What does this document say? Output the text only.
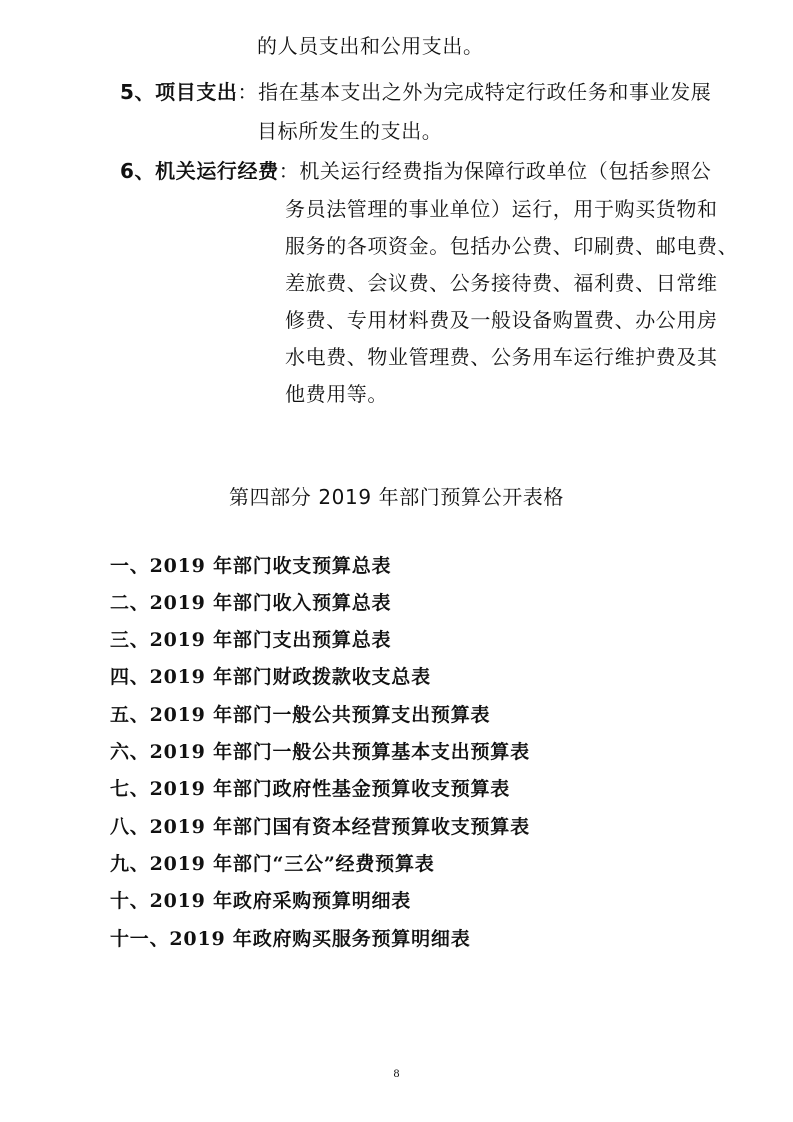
的人员支出和公用支出。
5、项目支出：指在基本支出之外为完成特定行政任务和事业发展
目标所发生的支出。
6、机关运行经费：机关运行经费指为保障行政单位（包括参照公
务员法管理的事业单位）运行，用于购买货物和
服务的各项资金。包括办公费、印刷费、邮电费、
差旅费、会议费、公务接待费、福利费、日常维
修费、专用材料费及一般设备购置费、办公用房
水电费、物业管理费、公务用车运行维护费及其
他费用等。
第四部分 2019 年部门预算公开表格
一、2019 年部门收支预算总表
二、2019 年部门收入预算总表
三、2019 年部门支出预算总表
四、2019 年部门财政拨款收支总表
五、2019 年部门一般公共预算支出预算表
六、2019 年部门一般公共预算基本支出预算表
七、2019 年部门政府性基金预算收支预算表
八、2019 年部门国有资本经营预算收支预算表
九、2019 年部门“三公”经费预算表
十、2019 年政府采购预算明细表
十一、2019 年政府购买服务预算明细表
8
